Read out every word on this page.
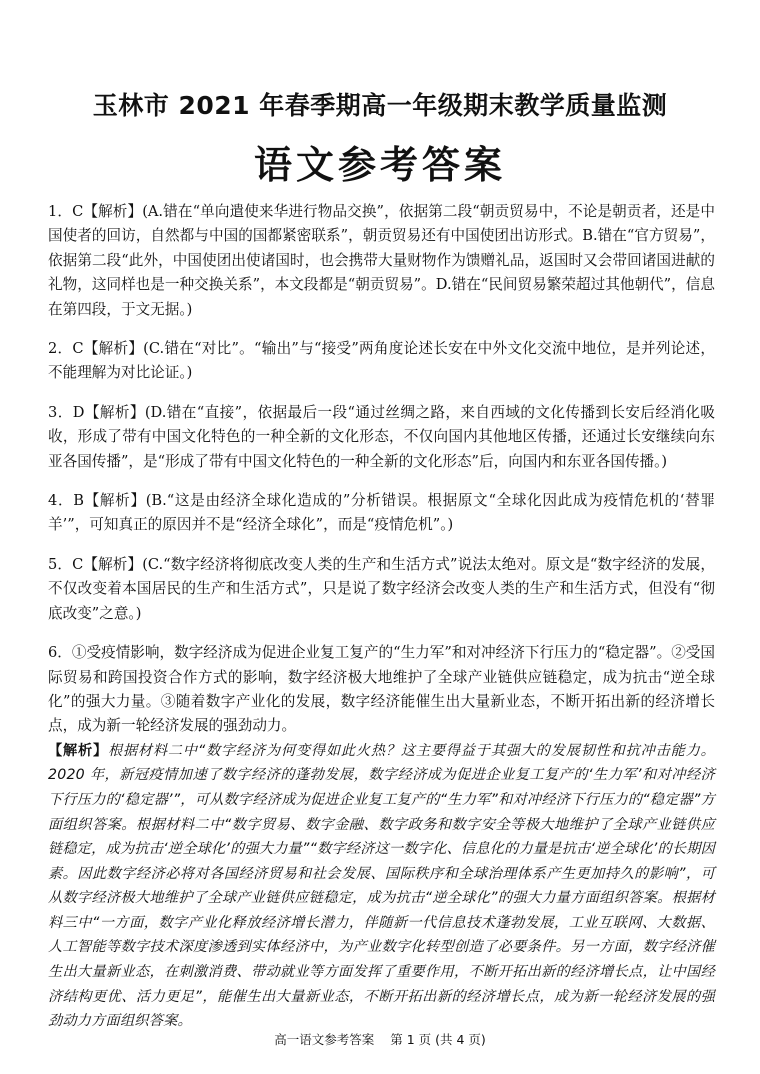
玉林市 2021 年春季期高一年级期末教学质量监测
语文参考答案

1．C【解析】(A.错在“单向遣使来华进行物品交换”，依据第二段“朝贡贸易中，不论是朝贡者，还是中国使者的回访，自然都与中国的国都紧密联系”，朝贡贸易还有中国使团出访形式。B.错在“官方贸易”，依据第二段“此外，中国使团出使诸国时，也会携带大量财物作为馈赠礼品，返国时又会带回诸国进献的礼物，这同样也是一种交换关系”，本文段都是“朝贡贸易”。D.错在“民间贸易繁荣超过其他朝代”，信息在第四段，于文无据。)

2．C【解析】(C.错在“对比”。“输出”与“接受”两角度论述长安在中外文化交流中地位，是并列论述，不能理解为对比论证。)

3．D【解析】(D.错在“直接”，依据最后一段“通过丝绸之路，来自西域的文化传播到长安后经消化吸收，形成了带有中国文化特色的一种全新的文化形态，不仅向国内其他地区传播，还通过长安继续向东亚各国传播”，是“形成了带有中国文化特色的一种全新的文化形态”后，向国内和东亚各国传播。)

4．B【解析】(B.“这是由经济全球化造成的”分析错误。根据原文“全球化因此成为疫情危机的‘替罪羊’”，可知真正的原因并不是“经济全球化”，而是“疫情危机”。)

5．C【解析】(C.“数字经济将彻底改变人类的生产和生活方式”说法太绝对。原文是“数字经济的发展，不仅改变着本国居民的生产和生活方式”，只是说了数字经济会改变人类的生产和生活方式，但没有“彻底改变”之意。)

6．①受疫情影响，数字经济成为促进企业复工复产的“生力军”和对冲经济下行压力的“稳定器”。②受国际贸易和跨国投资合作方式的影响，数字经济极大地维护了全球产业链供应链稳定，成为抗击“逆全球化”的强大力量。③随着数字产业化的发展，数字经济能催生出大量新业态，不断开拓出新的经济增长点，成为新一轮经济发展的强劲动力。

【解析】根据材料二中“数字经济为何变得如此火热？这主要得益于其强大的发展韧性和抗冲击能力。2020 年，新冠疫情加速了数字经济的蓬勃发展，数字经济成为促进企业复工复产的‘生力军’和对冲经济下行压力的‘稳定器’”，可从数字经济成为促进企业复工复产的“生力军”和对冲经济下行压力的“稳定器”方面组织答案。根据材料二中“数字贸易、数字金融、数字政务和数字安全等极大地维护了全球产业链供应链稳定，成为抗击‘逆全球化’的强大力量”“数字经济这一数字化、信息化的力量是抗击‘逆全球化’的长期因素。因此数字经济必将对各国经济贸易和社会发展、国际秩序和全球治理体系产生更加持久的影响”，可从数字经济极大地维护了全球产业链供应链稳定，成为抗击“逆全球化”的强大力量方面组织答案。根据材料三中“一方面，数字产业化释放经济增长潜力，伴随新一代信息技术蓬勃发展，工业互联网、大数据、人工智能等数字技术深度渗透到实体经济中，为产业数字化转型创造了必要条件。另一方面，数字经济催生出大量新业态，在刺激消费、带动就业等方面发挥了重要作用，不断开拓出新的经济增长点，让中国经济结构更优、活力更足”，能催生出大量新业态，不断开拓出新的经济增长点，成为新一轮经济发展的强劲动力方面组织答案。

高一语文参考答案 第 1 页 (共 4 页)
